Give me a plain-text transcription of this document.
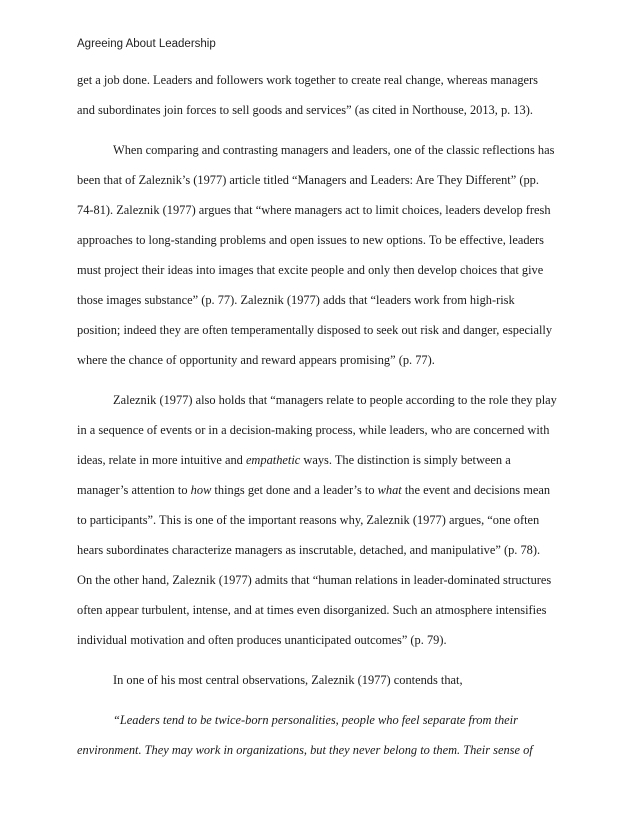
Agreeing About Leadership
get a job done. Leaders and followers work together to create real change, whereas managers
and subordinates join forces to sell goods and services” (as cited in Northouse, 2013, p. 13).
When comparing and contrasting managers and leaders, one of the classic reflections has
been that of Zaleznik’s (1977) article titled “Managers and Leaders: Are They Different” (pp.
74-81). Zaleznik (1977) argues that “where managers act to limit choices, leaders develop fresh
approaches to long-standing problems and open issues to new options. To be effective, leaders
must project their ideas into images that excite people and only then develop choices that give
those images substance” (p. 77). Zaleznik (1977) adds that “leaders work from high-risk
position; indeed they are often temperamentally disposed to seek out risk and danger, especially
where the chance of opportunity and reward appears promising” (p. 77).
Zaleznik (1977) also holds that “managers relate to people according to the role they play
in a sequence of events or in a decision-making process, while leaders, who are concerned with
ideas, relate in more intuitive and empathetic ways. The distinction is simply between a
manager’s attention to how things get done and a leader’s to what the event and decisions mean
to participants”. This is one of the important reasons why, Zaleznik (1977) argues, “one often
hears subordinates characterize managers as inscrutable, detached, and manipulative” (p. 78).
On the other hand, Zaleznik (1977) admits that “human relations in leader-dominated structures
often appear turbulent, intense, and at times even disorganized. Such an atmosphere intensifies
individual motivation and often produces unanticipated outcomes” (p. 79).
In one of his most central observations, Zaleznik (1977) contends that,
“Leaders tend to be twice-born personalities, people who feel separate from their
environment. They may work in organizations, but they never belong to them. Their sense of
